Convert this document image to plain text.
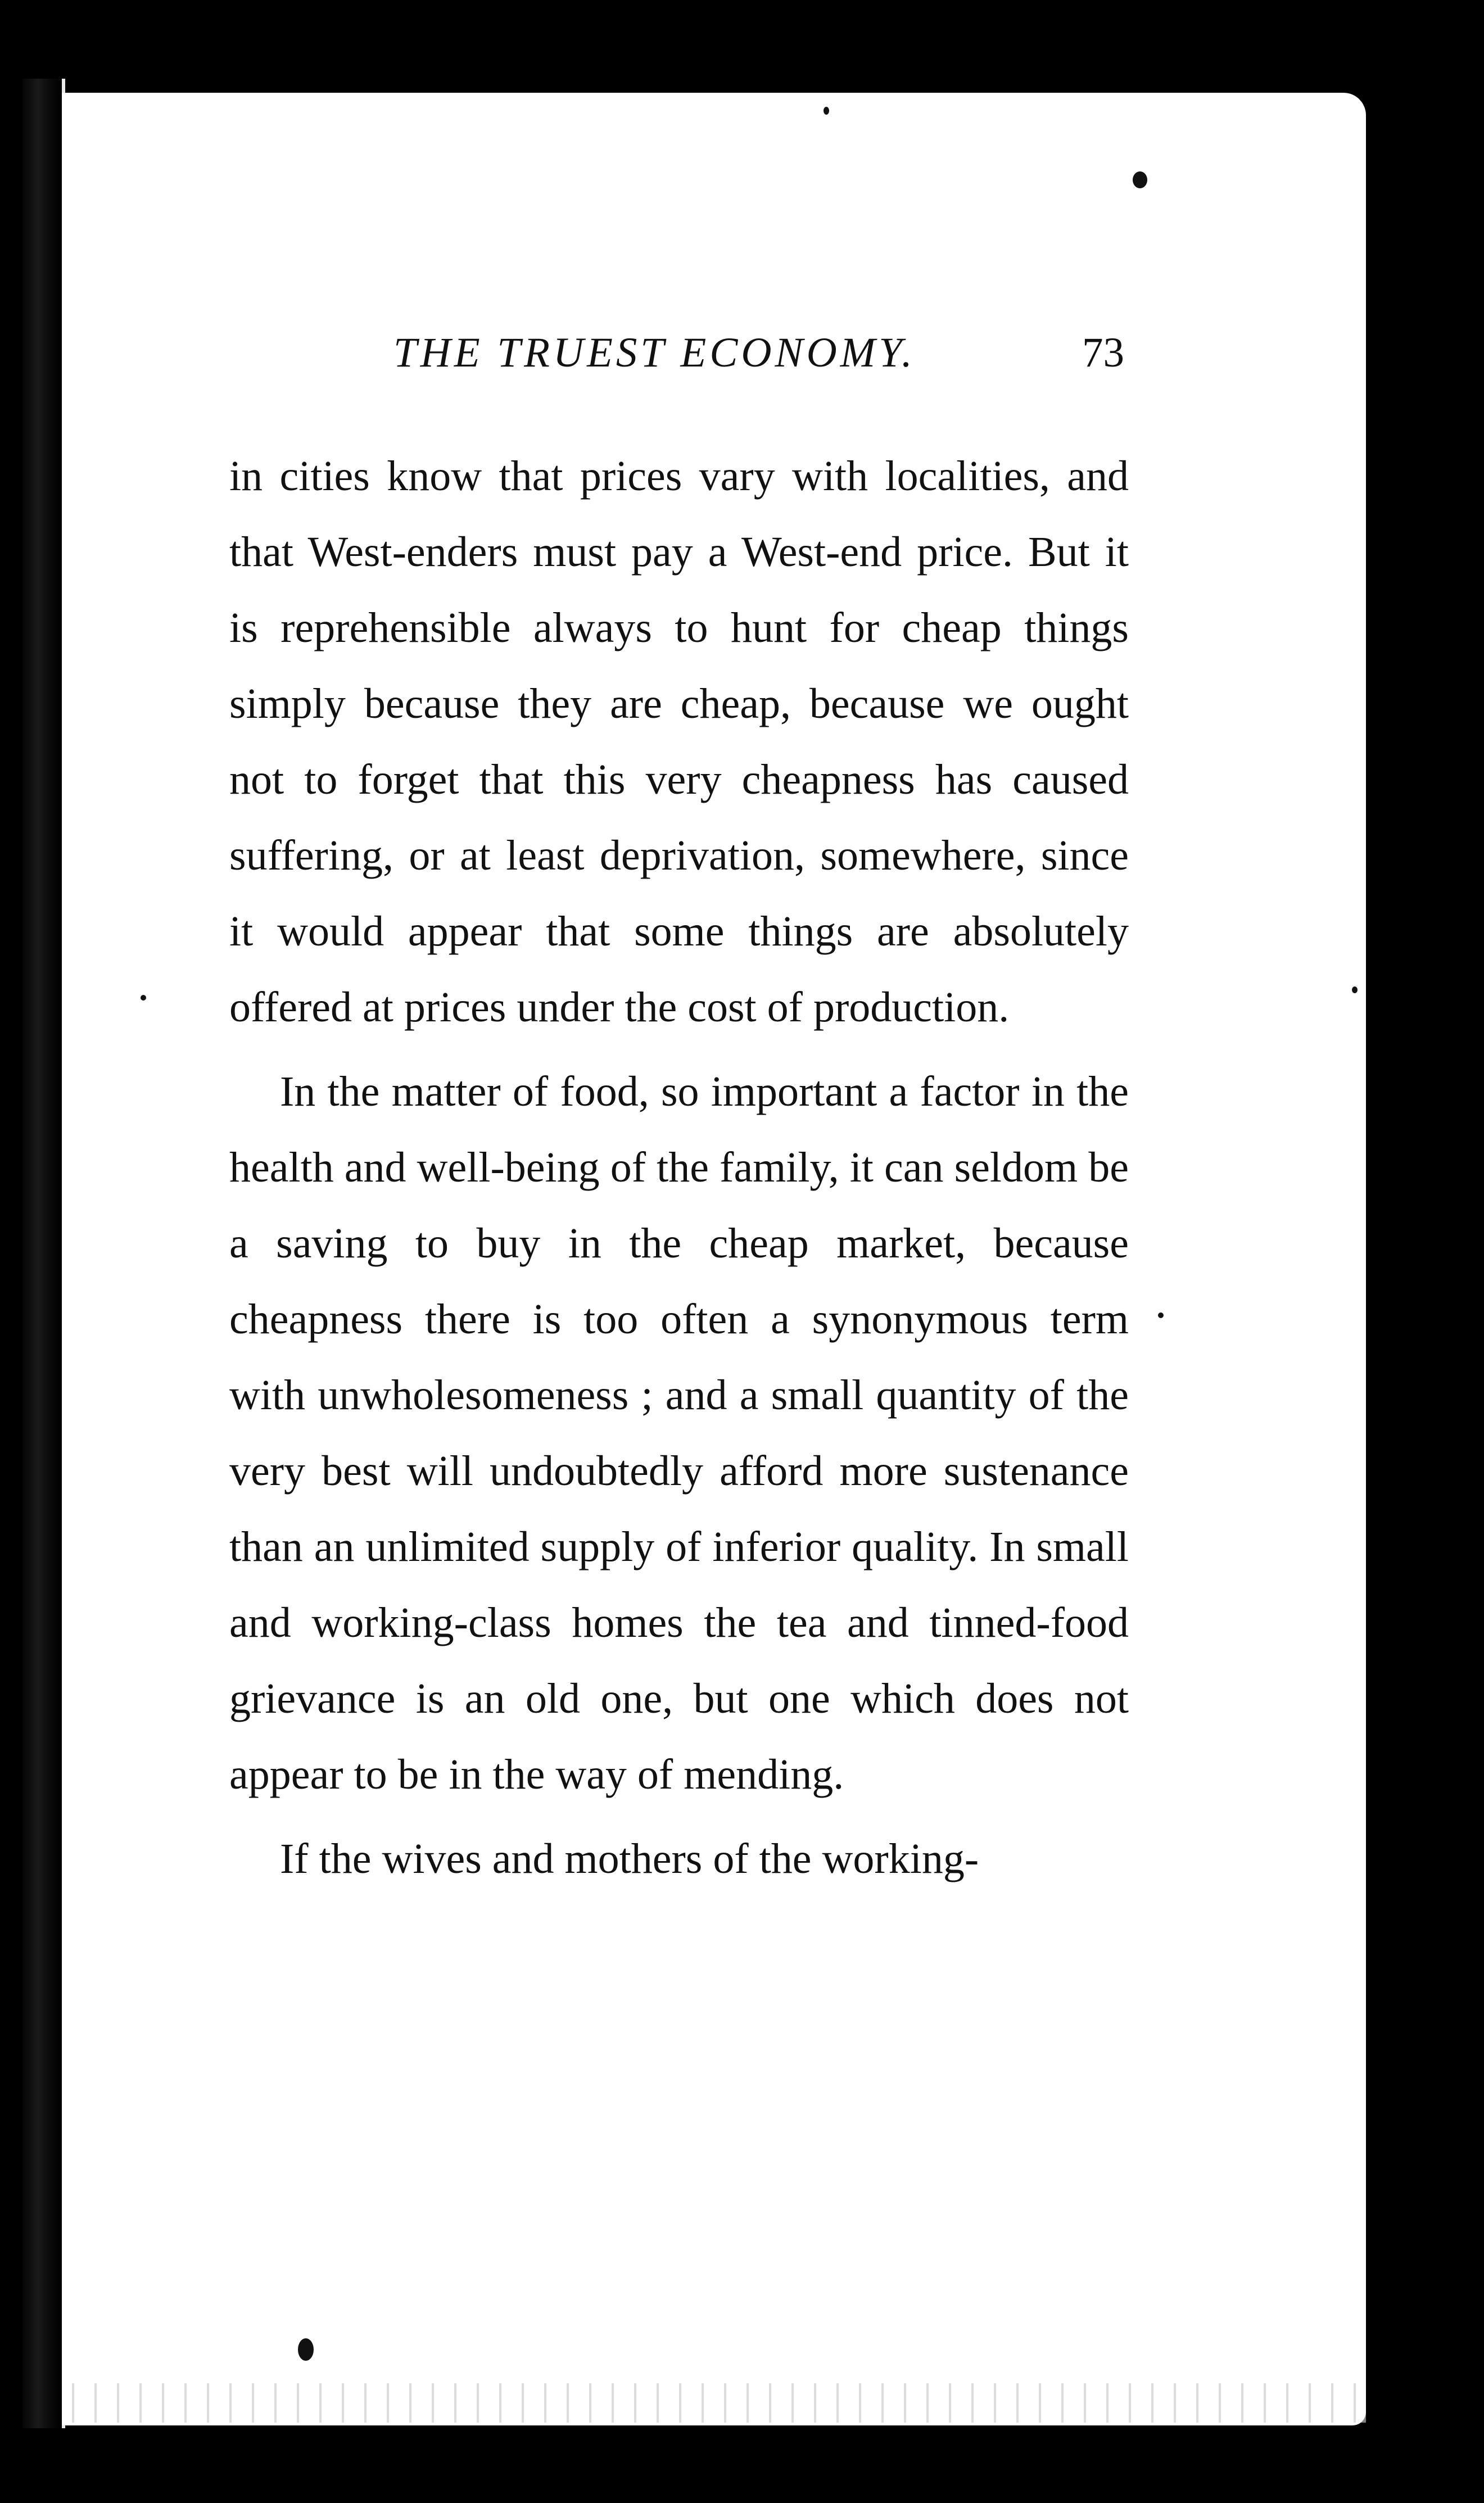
THE TRUEST ECONOMY.	73

in cities know that prices vary with localities, and that West-enders must pay a West-end price. But it is reprehensible always to hunt for cheap things simply because they are cheap, because we ought not to forget that this very cheapness has caused suffering, or at least deprivation, somewhere, since it would appear that some things are absolutely offered at prices under the cost of production.

In the matter of food, so important a factor in the health and well-being of the family, it can seldom be a saving to buy in the cheap market, because cheapness there is too often a synonymous term with unwholesomeness ; and a small quantity of the very best will undoubtedly afford more sustenance than an unlimited supply of inferior quality. In small and working-class homes the tea and tinned-food grievance is an old one, but one which does not appear to be in the way of mending.

If the wives and mothers of the working-
